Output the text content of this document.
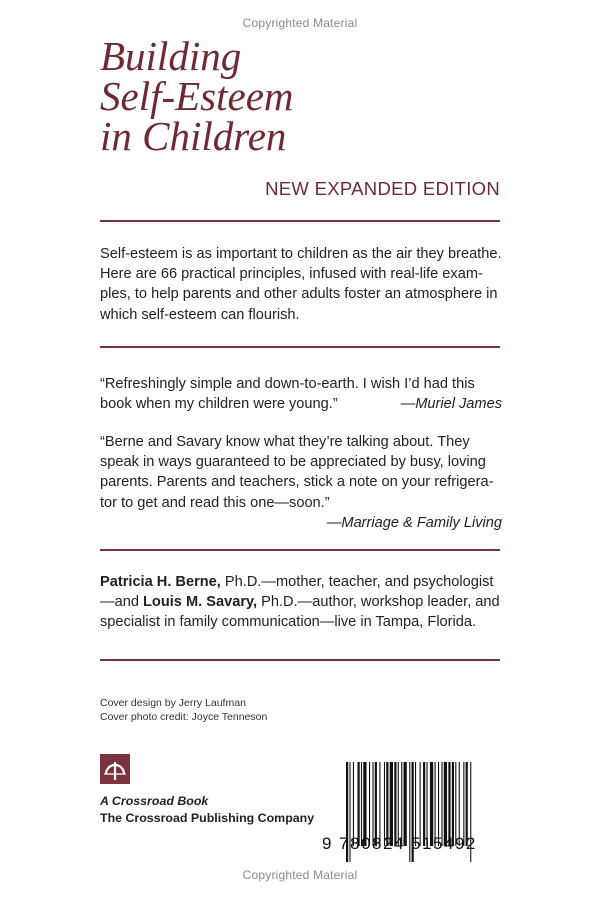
Copyrighted Material
Building
Self-Esteem
in Children
NEW EXPANDED EDITION
Self-esteem is as important to children as the air they breathe.
Here are 66 practical principles, infused with real-life exam-
ples, to help parents and other adults foster an atmosphere in
which self-esteem can flourish.
“Refreshingly simple and down-to-earth. I wish I’d had this
book when my children were young.”	—Muriel James
“Berne and Savary know what they’re talking about. They
speak in ways guaranteed to be appreciated by busy, loving
parents. Parents and teachers, stick a note on your refrigera-
tor to get and read this one—soon.”
—Marriage & Family Living
Patricia H. Berne, Ph.D.—mother, teacher, and psychologist
—and Louis M. Savary, Ph.D.—author, workshop leader, and
specialist in family communication—live in Tampa, Florida.
Cover design by Jerry Laufman
Cover photo credit: Joyce Tenneson
A Crossroad Book
The Crossroad Publishing Company
9 780824 515492
Copyrighted Material
